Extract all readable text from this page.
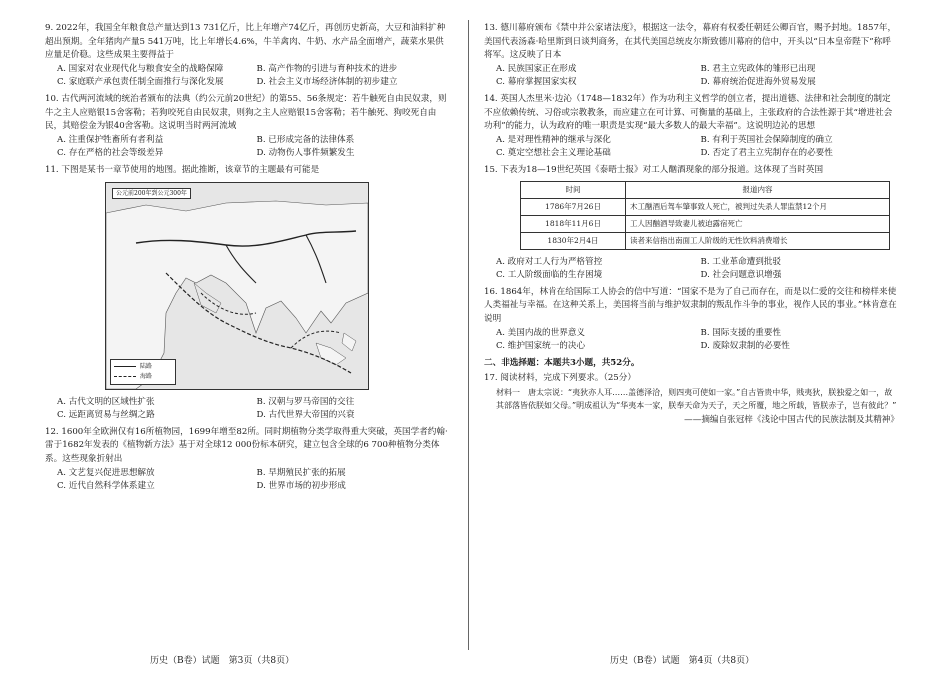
9. 2022年，我国全年粮食总产量达到13 731亿斤，比上年增产74亿斤，再创历史新高，大豆和油料扩种超出预期。全年猪肉产量5 541万吨，比上年增长4.6%，牛羊禽肉、牛奶、水产品全面增产，蔬菜水果供应量足价稳。这些成果主要得益于

A. 国家对农业现代化与粮食安全的战略保障	B. 高产作物的引进与育种技术的进步
C. 家庭联产承包责任制全面推行与深化发展	D. 社会主义市场经济体制的初步建立

10. 古代两河流域的统治者颁布的法典（约公元前20世纪）的第55、56条规定：若牛触死自由民奴隶，则牛之主人应赔银15舍客勒；若狗咬死自由民奴隶，则狗之主人应赔银15舍客勒；若牛触死、狗咬死自由民，其赔偿金为银40舍客勒。这说明当时两河流域

A. 注重保护牲畜所有者利益	B. 已形成完备的法律体系
C. 存在严格的社会等级差异	D. 动物伤人事件频繁发生

11. 下图是某书一章节使用的地图。据此推断，该章节的主题最有可能是

公元前200年到公元300年
陆路
海路
A. 古代文明的区域性扩张	B. 汉朝与罗马帝国的交往
C. 远距离贸易与丝绸之路	D. 古代世界大帝国的兴衰

12. 1600年全欧洲仅有16所植物园，1699年增至82所。同时期植物分类学取得重大突破，英国学者约翰·雷于1682年发表的《植物新方法》基于对全球12 000份标本研究，建立包含全球的6 700种植物分类体系。这些现象折射出

A. 文艺复兴促进思想解放	B. 早期殖民扩张的拓展
C. 近代自然科学体系建立	D. 世界市场的初步形成
历史（B卷）试题　第3页（共8页）

13. 德川幕府颁布《禁中并公家诸法度》，根据这一法令，幕府有权委任朝廷公卿百官，赐予封地。1857年，美国代表汤森·哈里斯到日谈判商务，在其代美国总统皮尔斯致德川幕府的信中，开头以“日本皇帝陛下”称呼将军。这反映了日本

A. 民族国家正在形成	B. 君主立宪政体的雏形已出现
C. 幕府掌握国家实权	D. 幕府统治促进海外贸易发展

14. 英国人杰里米·边沁（1748—1832年）作为功利主义哲学的创立者，提出道德、法律和社会制度的制定不应依赖传统、习俗或宗教教条，而应建立在可计算、可衡量的基础上，主张政府的合法性源于其“增进社会功利”的能力，认为政府的唯一职责是实现“最大多数人的最大幸福”。这说明边沁的思想

A. 是对理性精神的继承与深化	B. 有利于英国社会保障制度的确立
C. 奠定空想社会主义理论基础	D. 否定了君主立宪制存在的必要性

15. 下表为18—19世纪英国《泰晤士报》对工人酗酒现象的部分报道。这体现了当时英国

时间	报道内容
1786年7月26日	木工酗酒后驾车肇事致人死亡，被判过失杀人罪监禁12个月
1818年11月6日	工人因酗酒导致妻儿被迫露宿死亡
1830年2月4日	读者来信指出南面工人阶级的无性饮料消费增长
A. 政府对工人行为严格管控	B. 工业革命遭到批驳
C. 工人阶级面临的生存困境	D. 社会问题意识增强

16. 1864年，林肯在给国际工人协会的信中写道：“国家不是为了自己而存在，而是以仁爱的交往和榜样来使人类福祉与幸福。在这种关系上，美国将当前与维护奴隶制的叛乱作斗争的事业，视作人民的事业。”林肯意在说明

A. 美国内战的世界意义	B. 国际支援的重要性
C. 维护国家统一的决心	D. 废除奴隶制的必要性

二、非选择题：本题共3小题，共52分。

17. 阅读材料，完成下列要求。（25分）

材料一　唐太宗说：“夷狄亦人耳……盖德泽洽，则四夷可使如一家。”自古皆贵中华，贱夷狄，朕独爱之如一，故其部落皆依朕如父母。”明成祖认为“华夷本一家，朕奉天命为天子，天之所覆，地之所载，皆朕赤子，岂有彼此？”

——摘编自张冠梓《浅论中国古代的民族法制及其精神》

历史（B卷）试题　第4页（共8页）
